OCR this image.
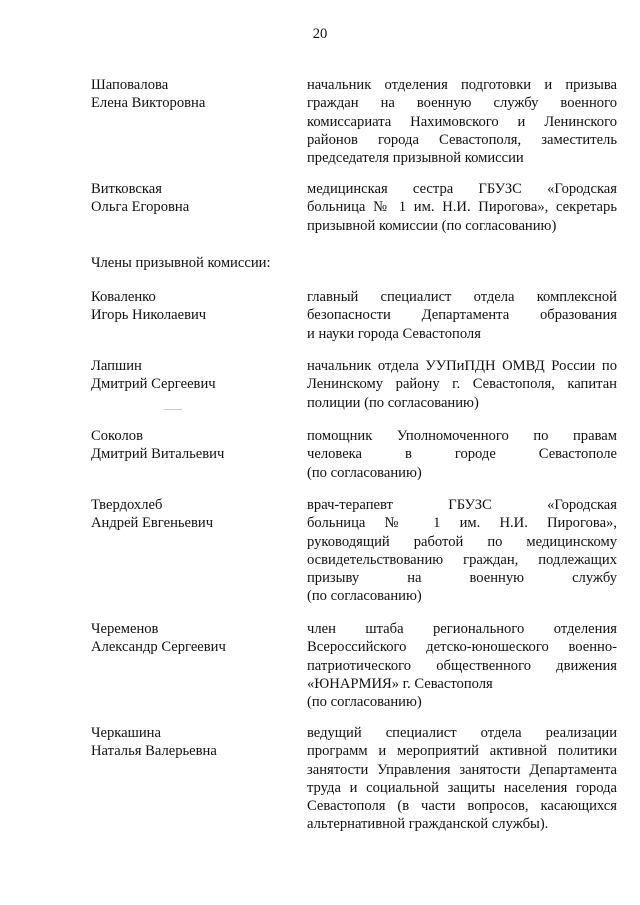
20
Шаповалова
Елена Викторовна
начальник отделения подготовки и призыва
граждан на военную службу военного
комиссариата Нахимовского и Ленинского
районов города Севастополя, заместитель
председателя призывной комиссии
Витковская
Ольга Егоровна
медицинская сестра ГБУЗС «Городская
больница № 1 им. Н.И. Пирогова», секретарь
призывной комиссии (по согласованию)
Члены призывной комиссии:
Коваленко
Игорь Николаевич
главный специалист отдела комплексной
безопасности Департамента образования
и науки города Севастополя
Лапшин
Дмитрий Сергеевич
начальник отдела УУПиПДН ОМВД России по
Ленинскому району г. Севастополя, капитан
полиции (по согласованию)
Соколов
Дмитрий Витальевич
помощник Уполномоченного по правам
человека в городе Севастополе
(по согласованию)
Твердохлеб
Андрей Евгеньевич
врач-терапевт ГБУЗС «Городская
больница № 1 им. Н.И. Пирогова»,
руководящий работой по медицинскому
освидетельствованию граждан, подлежащих
призыву на военную службу
(по согласованию)
Череменов
Александр Сергеевич
член штаба регионального отделения
Всероссийского детско-юношеского военно-
патриотического общественного движения
«ЮНАРМИЯ» г. Севастополя
(по согласованию)
Черкашина
Наталья Валерьевна
ведущий специалист отдела реализации
программ и мероприятий активной политики
занятости Управления занятости Департамента
труда и социальной защиты населения города
Севастополя (в части вопросов, касающихся
альтернативной гражданской службы).
